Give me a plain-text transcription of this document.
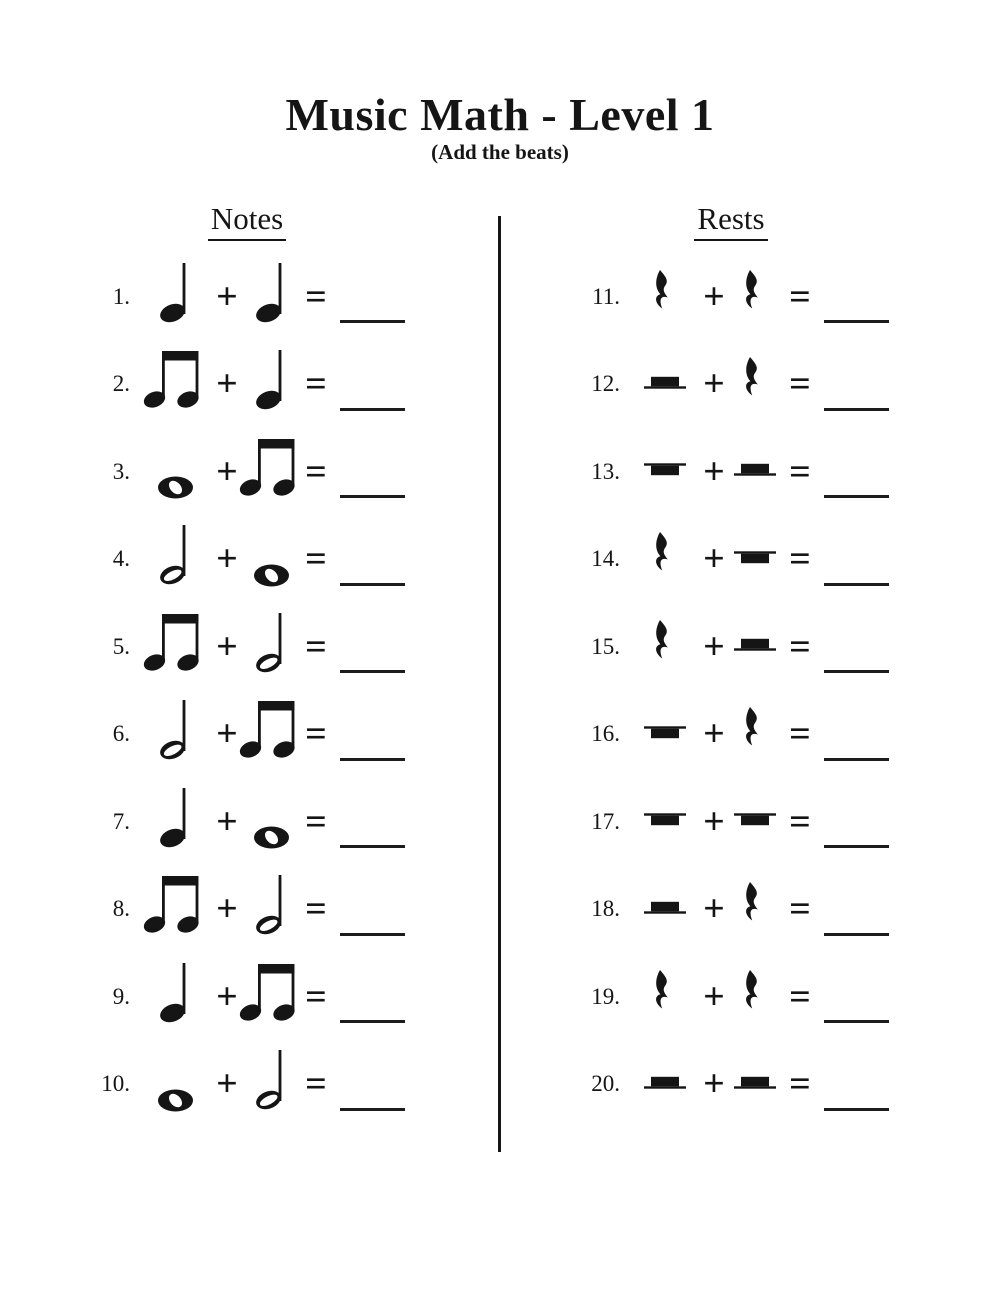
Music Math - Level 1
(Add the beats)
Notes	Rests
1. + =
2. + =
3. + =
4. + =
5. + =
6. + =
7. + =
8. + =
9. + =
10. + =
11. + =
12. + =
13. + =
14. + =
15. + =
16. + =
17. + =
18. + =
19. + =
20. + =
